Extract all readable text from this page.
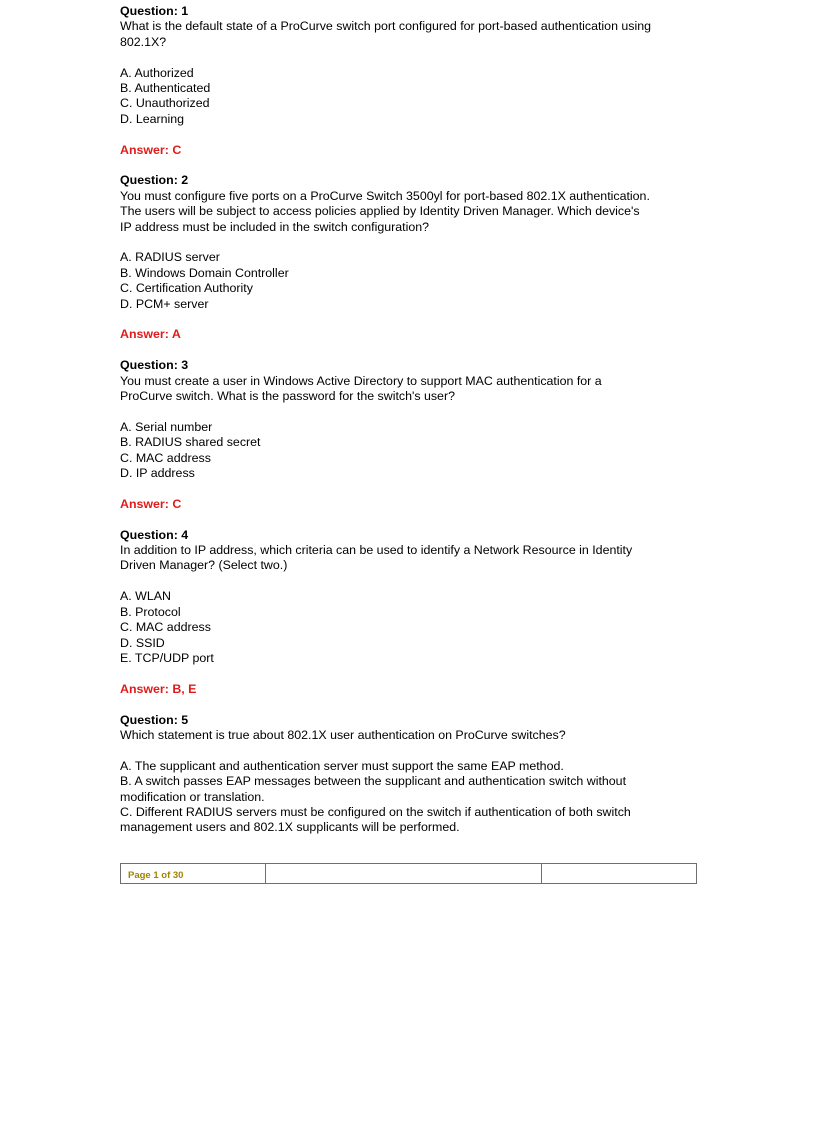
Question: 1
What is the default state of a ProCurve switch port configured for port-based authentication using
802.1X?
A. Authorized
B. Authenticated
C. Unauthorized
D. Learning
Answer: C
Question: 2
You must configure five ports on a ProCurve Switch 3500yl for port-based 802.1X authentication.
The users will be subject to access policies applied by Identity Driven Manager. Which device's
IP address must be included in the switch configuration?
A. RADIUS server
B. Windows Domain Controller
C. Certification Authority
D. PCM+ server
Answer: A
Question: 3
You must create a user in Windows Active Directory to support MAC authentication for a
ProCurve switch. What is the password for the switch's user?
A. Serial number
B. RADIUS shared secret
C. MAC address
D. IP address
Answer: C
Question: 4
In addition to IP address, which criteria can be used to identify a Network Resource in Identity
Driven Manager? (Select two.)
A. WLAN
B. Protocol
C. MAC address
D. SSID
E. TCP/UDP port
Answer: B, E
Question: 5
Which statement is true about 802.1X user authentication on ProCurve switches?
A. The supplicant and authentication server must support the same EAP method.
B. A switch passes EAP messages between the supplicant and authentication switch without
modification or translation.
C. Different RADIUS servers must be configured on the switch if authentication of both switch
management users and 802.1X supplicants will be performed.
Page 1 of 30
